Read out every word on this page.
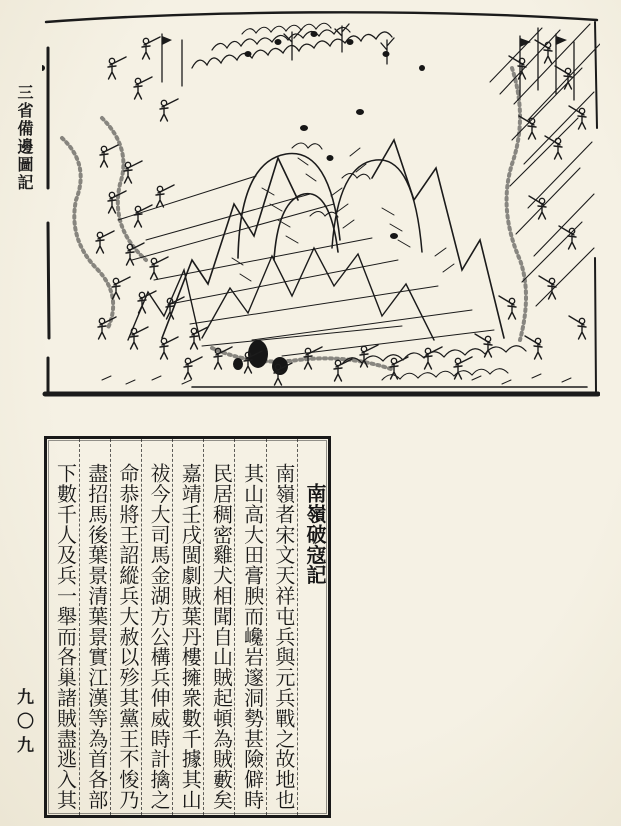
三省備邊圖記
九〇九
南嶺破寇記
南嶺者宋文天祥屯兵與元兵戰之故地也
其山高大田膏腴而巉岩邃洞勢甚險僻時
民居稠密雞犬相聞自山賊起頓為賊藪矣
嘉靖壬戌閩劇賊葉丹樓擁衆數千據其山
祓今大司馬金湖方公構兵伸威時計擒之
命恭將王詔縱兵大赦以殄其黨王不悛乃
盡招馬後葉景清葉景實江漢等為首各部
下數千人及兵一舉而各巢諸賊盡逃入其
